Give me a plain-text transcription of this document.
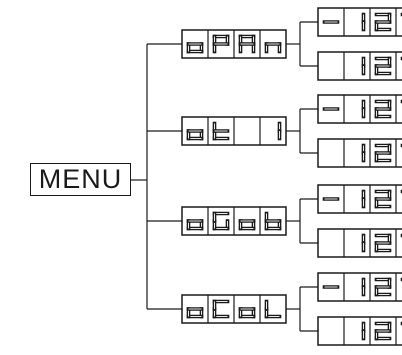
MENU
